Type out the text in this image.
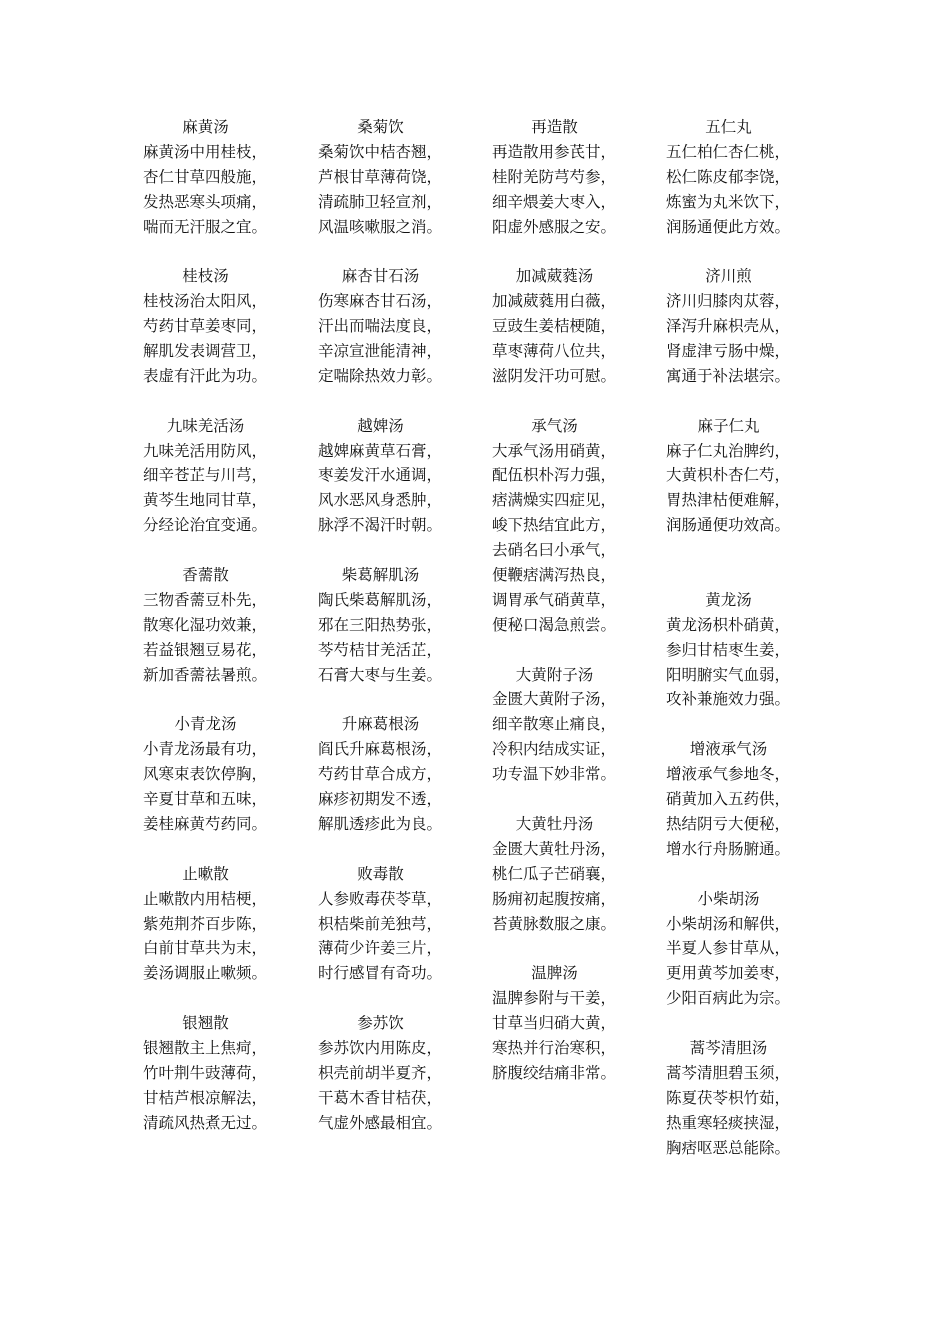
麻黄汤
麻黄汤中用桂枝，
杏仁甘草四般施，
发热恶寒头项痛，
喘而无汗服之宜。
桂枝汤
桂枝汤治太阳风，
芍药甘草姜枣同，
解肌发表调营卫，
表虚有汗此为功。
九味羌活汤
九味羌活用防风，
细辛苍芷与川芎，
黄芩生地同甘草，
分经论治宜变通。
香薷散
三物香薷豆朴先，
散寒化湿功效兼，
若益银翘豆易花，
新加香薷祛暑煎。
小青龙汤
小青龙汤最有功，
风寒束表饮停胸，
辛夏甘草和五味，
姜桂麻黄芍药同。
止嗽散
止嗽散内用桔梗，
紫苑荆芥百步陈，
白前甘草共为末，
姜汤调服止嗽频。
银翘散
银翘散主上焦疴，
竹叶荆牛豉薄荷，
甘桔芦根凉解法，
清疏风热煮无过。
桑菊饮
桑菊饮中桔杏翘，
芦根甘草薄荷饶，
清疏肺卫轻宣剂，
风温咳嗽服之消。
麻杏甘石汤
伤寒麻杏甘石汤，
汗出而喘法度良，
辛凉宣泄能清神，
定喘除热效力彰。
越婢汤
越婢麻黄草石膏，
枣姜发汗水通调，
风水恶风身悉肿，
脉浮不渴汗时朝。
柴葛解肌汤
陶氏柴葛解肌汤，
邪在三阳热势张，
芩芍桔甘羌活芷，
石膏大枣与生姜。
升麻葛根汤
阎氏升麻葛根汤，
芍药甘草合成方，
麻疹初期发不透，
解肌透疹此为良。
败毒散
人参败毒茯苓草，
枳桔柴前羌独芎，
薄荷少许姜三片，
时行感冒有奇功。
参苏饮
参苏饮内用陈皮，
枳壳前胡半夏齐，
干葛木香甘桔茯，
气虚外感最相宜。
再造散
再造散用参芪甘，
桂附羌防芎芍参，
细辛煨姜大枣入，
阳虚外感服之安。
加减葳蕤汤
加减葳蕤用白薇，
豆豉生姜桔梗随，
草枣薄荷八位共，
滋阴发汗功可慰。
承气汤
大承气汤用硝黄，
配伍枳朴泻力强，
痞满燥实四症见，
峻下热结宜此方，
去硝名曰小承气，
便鞭痞满泻热良，
调胃承气硝黄草，
便秘口渴急煎尝。
大黄附子汤
金匮大黄附子汤，
细辛散寒止痛良，
冷积内结成实证，
功专温下妙非常。
大黄牡丹汤
金匮大黄牡丹汤，
桃仁瓜子芒硝襄，
肠痈初起腹按痛，
苔黄脉数服之康。
温脾汤
温脾参附与干姜，
甘草当归硝大黄，
寒热并行治寒积，
脐腹绞结痛非常。
五仁丸
五仁柏仁杏仁桃，
松仁陈皮郁李饶，
炼蜜为丸米饮下，
润肠通便此方效。
济川煎
济川归膝肉苁蓉，
泽泻升麻枳壳从，
肾虚津亏肠中燥，
寓通于补法堪宗。
麻子仁丸
麻子仁丸治脾约，
大黄枳朴杏仁芍，
胃热津枯便难解，
润肠通便功效高。
黄龙汤
黄龙汤枳朴硝黄，
参归甘桔枣生姜，
阳明腑实气血弱，
攻补兼施效力强。
增液承气汤
增液承气参地冬，
硝黄加入五药供，
热结阴亏大便秘，
增水行舟肠腑通。
小柴胡汤
小柴胡汤和解供，
半夏人参甘草从，
更用黄芩加姜枣，
少阳百病此为宗。
蒿芩清胆汤
蒿芩清胆碧玉须，
陈夏茯苓枳竹茹，
热重寒轻痰挟湿，
胸痞呕恶总能除。
